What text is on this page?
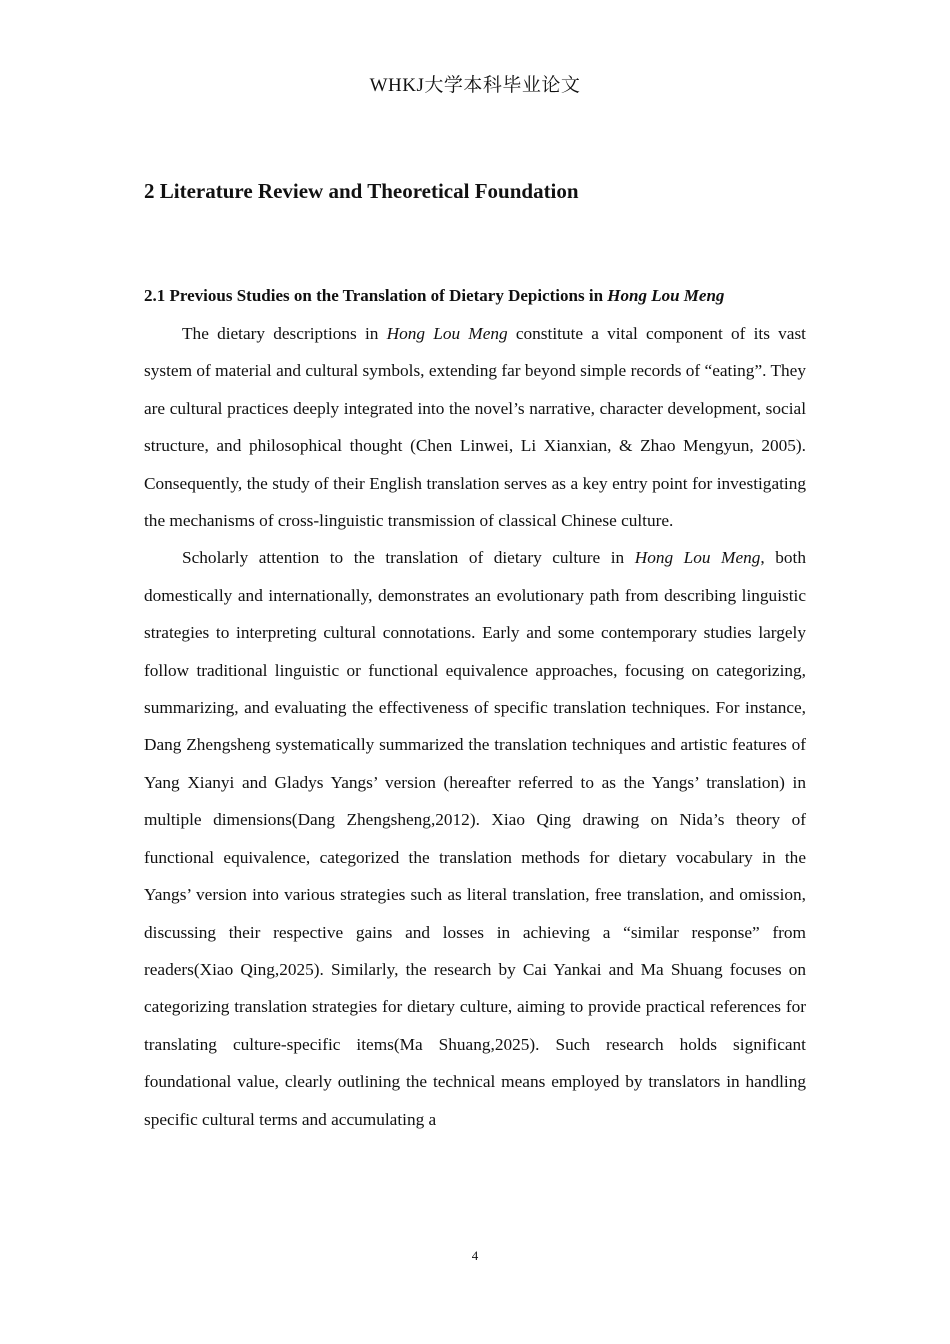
WHKJ大学本科毕业论文
2 Literature Review and Theoretical Foundation
2.1 Previous Studies on the Translation of Dietary Depictions in Hong Lou Meng

The dietary descriptions in Hong Lou Meng constitute a vital component of its vast system of material and cultural symbols, extending far beyond simple records of “eating”. They are cultural practices deeply integrated into the novel’s narrative, character development, social structure, and philosophical thought (Chen Linwei, Li Xianxian, & Zhao Mengyun, 2005). Consequently, the study of their English translation serves as a key entry point for investigating the mechanisms of cross-linguistic transmission of classical Chinese culture.

Scholarly attention to the translation of dietary culture in Hong Lou Meng, both domestically and internationally, demonstrates an evolutionary path from describing linguistic strategies to interpreting cultural connotations. Early and some contemporary studies largely follow traditional linguistic or functional equivalence approaches, focusing on categorizing, summarizing, and evaluating the effectiveness of specific translation techniques. For instance, Dang Zhengsheng systematically summarized the translation techniques and artistic features of Yang Xianyi and Gladys Yangs’ version (hereafter referred to as the Yangs’ translation) in multiple dimensions(Dang Zhengsheng,2012). Xiao Qing drawing on Nida’s theory of functional equivalence, categorized the translation methods for dietary vocabulary in the Yangs’ version into various strategies such as literal translation, free translation, and omission, discussing their respective gains and losses in achieving a “similar response” from readers(Xiao Qing,2025). Similarly, the research by Cai Yankai and Ma Shuang focuses on categorizing translation strategies for dietary culture, aiming to provide practical references for translating culture-specific items(Ma Shuang,2025). Such research holds significant foundational value, clearly outlining the technical means employed by translators in handling specific cultural terms and accumulating a

4
